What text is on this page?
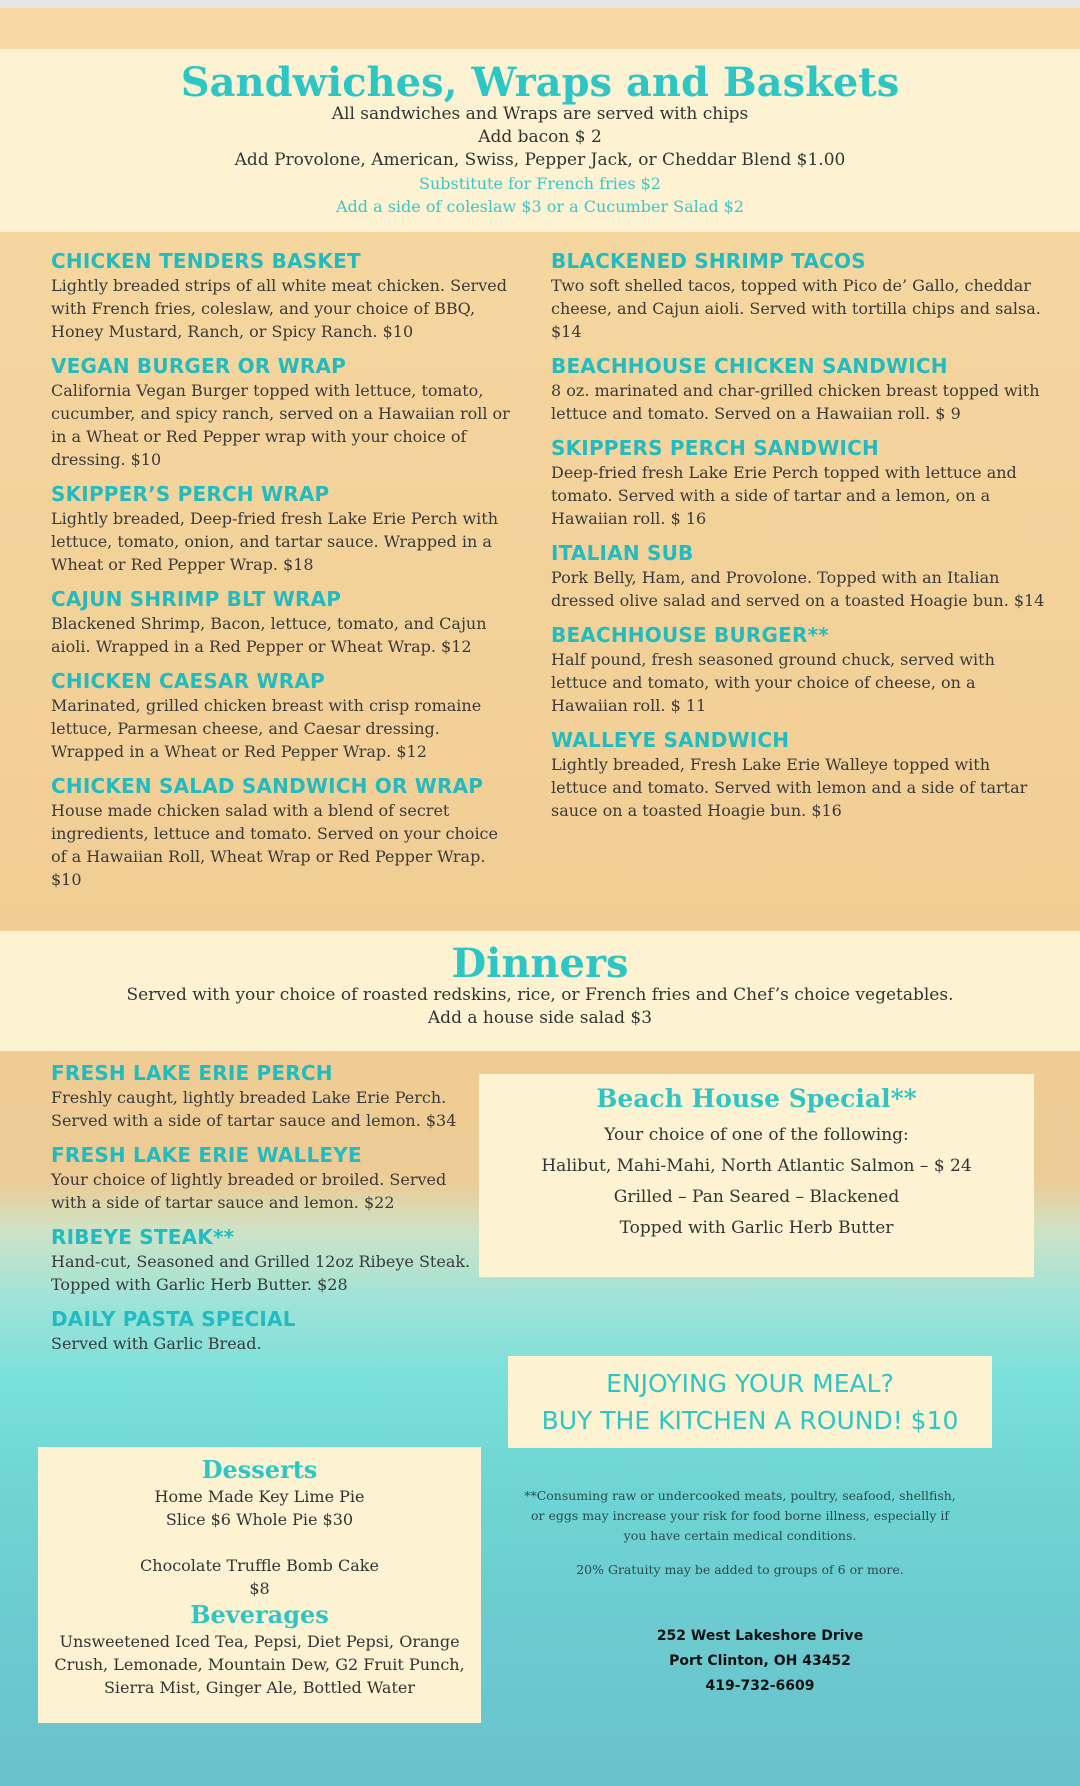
Sandwiches, Wraps and Baskets

All sandwiches and Wraps are served with chips

Add bacon $ 2

Add Provolone, American, Swiss, Pepper Jack, or Cheddar Blend $1.00

Substitute for French fries $2

Add a side of coleslaw $3 or a Cucumber Salad $2

CHICKEN TENDERS BASKET

Lightly breaded strips of all white meat chicken. Served with French fries, coleslaw, and your choice of BBQ, Honey Mustard, Ranch, or Spicy Ranch. $10

VEGAN BURGER OR WRAP

California Vegan Burger topped with lettuce, tomato, cucumber, and spicy ranch, served on a Hawaiian roll or in a Wheat or Red Pepper wrap with your choice of dressing. $10

SKIPPER’S PERCH WRAP

Lightly breaded, Deep-fried fresh Lake Erie Perch with lettuce, tomato, onion, and tartar sauce. Wrapped in a Wheat or Red Pepper Wrap. $18

CAJUN SHRIMP BLT WRAP

Blackened Shrimp, Bacon, lettuce, tomato, and Cajun aioli. Wrapped in a Red Pepper or Wheat Wrap. $12

CHICKEN CAESAR WRAP

Marinated, grilled chicken breast with crisp romaine lettuce, Parmesan cheese, and Caesar dressing. Wrapped in a Wheat or Red Pepper Wrap. $12

CHICKEN SALAD SANDWICH OR WRAP

House made chicken salad with a blend of secret ingredients, lettuce and tomato. Served on your choice of a Hawaiian Roll, Wheat Wrap or Red Pepper Wrap. $10

BLACKENED SHRIMP TACOS

Two soft shelled tacos, topped with Pico de’ Gallo, cheddar cheese, and Cajun aioli. Served with tortilla chips and salsa. $14

BEACHHOUSE CHICKEN SANDWICH

8 oz. marinated and char-grilled chicken breast topped with lettuce and tomato. Served on a Hawaiian roll. $ 9

SKIPPERS PERCH SANDWICH

Deep-fried fresh Lake Erie Perch topped with lettuce and tomato. Served with a side of tartar and a lemon, on a Hawaiian roll. $ 16

ITALIAN SUB

Pork Belly, Ham, and Provolone. Topped with an Italian dressed olive salad and served on a toasted Hoagie bun. $14

BEACHHOUSE BURGER**

Half pound, fresh seasoned ground chuck, served with lettuce and tomato, with your choice of cheese, on a Hawaiian roll. $ 11

WALLEYE SANDWICH

Lightly breaded, Fresh Lake Erie Walleye topped with lettuce and tomato. Served with lemon and a side of tartar sauce on a toasted Hoagie bun. $16

Dinners

Served with your choice of roasted redskins, rice, or French fries and Chef’s choice vegetables.

Add a house side salad $3

FRESH LAKE ERIE PERCH

Freshly caught, lightly breaded Lake Erie Perch. Served with a side of tartar sauce and lemon. $34

FRESH LAKE ERIE WALLEYE

Your choice of lightly breaded or broiled. Served with a side of tartar sauce and lemon. $22

RIBEYE STEAK**

Hand-cut, Seasoned and Grilled 12oz Ribeye Steak. Topped with Garlic Herb Butter. $28

DAILY PASTA SPECIAL

Served with Garlic Bread.

Beach House Special**

Your choice of one of the following:

Halibut, Mahi-Mahi, North Atlantic Salmon – $ 24

Grilled – Pan Seared – Blackened

Topped with Garlic Herb Butter

ENJOYING YOUR MEAL?
BUY THE KITCHEN A ROUND! $10
Desserts

Home Made Key Lime Pie

Slice $6 Whole Pie $30

Chocolate Truffle Bomb Cake

$8

Beverages

Unsweetened Iced Tea, Pepsi, Diet Pepsi, Orange Crush, Lemonade, Mountain Dew, G2 Fruit Punch, Sierra Mist, Ginger Ale, Bottled Water

**Consuming raw or undercooked meats, poultry, seafood, shellfish, or eggs may increase your risk for food borne illness, especially if you have certain medical conditions.
20% Gratuity may be added to groups of 6 or more.
252 West Lakeshore Drive
Port Clinton, OH 43452
419-732-6609
